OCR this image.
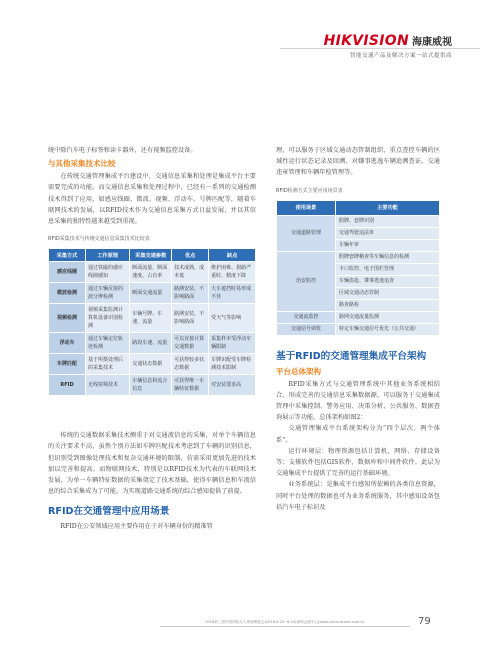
HIKVISION 海康威视
智能交通产品及解决方案一站式提供商

统中除汽车电子标签和读卡器外，还有视频监控设备。

与其他采集技术比较

在传统交通管理集成平台建设中，交通信息采集和处理是集成平台主要需要完成的功能。而交通信息采集和处理过程中，已经有一系列的交通检测技术得到了应用，如感应线圈、微波、视频、浮动车、号牌匹配等，随着车联网技术的发展，以RFID技术作为交通信息采集方式日益发展，并以其信息采集的独特性越来越受到重视。

RFID采集技术与传统交通信息采集技术比较表
采集方式	工作原理	采集交通参数	优点	缺点
感应线圈	通过铁磁的感应线圈感知	断面流量、断面速度、占有率	技术成熟、成本低	维护困难、损路严重时、精度下降
微波检测	通过车辆反射的波分辨检测	断面交通流量	路测安装，不影响路面	大车遮挡时易形成不佳
视频检测	视频采集监测计算机设备识别检测	车辆号牌、车速、流量	路测安装，不影响路面	受天气等影响
浮动车	通过车辆定位轨迹检测	路段车速、流量	可以直接计算交通数据	采集样本受浮动车辆限制
车牌匹配	基于所摄处理后的采集技术	交通状态数据	可获得较多状态数据	车牌识配受车牌检测技术限制
RFID	无线射频技术	车辆信息和流合信息	可获得唯一车辆特征数据	对安装要求高

传统的交通数据采集技术侧重于对交通流信息的采集，对单个车辆信息的关注要求不高，虽然个别方法如车牌匹配技术考虑到了车辆的识别信息，但识别受到图像处理技术和复杂交通环境的限制，仿需采用更加先进的技术加以完善和提高。而物联网技术，特别是以RFID技术为代表的车联网技术发展，为单一车辆特征数据的采集奠定了技术基础，使得车辆信息和车流信息的综合采集成为了可能，为实现道路交通系统的综合感知提供了前提。

RFID在交通管理中应用场景

RFID在公安领域应用主要作用在于对车辆身份的精准管

理，可以服务于区域交通动态管制组织、重点查控车辆的区域性运行状态记录及回溯、对嫌事逃逸车辆追溯查证、交通违章管理和车辆年检管理等。

RFID检测方式主要应用场景表
使用场景	主要功能
交通道路管理	假牌、套牌识别
	交通驾驶违法单
	车辆年审
治安防控	假牌套牌稽查等车辆信息的检测
	卡口监控、电子围栏管理
	车辆盗抢、肇事逃逸追查
	区域交通动态管制
	路查路检
交通流监控	路网交通流量监测
交通信号调优	特定车辆交通信号优先（公共交通）
基于RFID的交通管理集成平台架构
平台总体架构

RFID采集方式与交通管理系统中其他业务系统相结合，形成完善的交通信息采集数据源，可以服务于交通集成管理中采集控制、警务应用、决策分析、公共服务、数据查询展示等功能。总体架构如图2：

交通管理集成平台系统架构分为“四个层次、两个体系”。

运行环境层：物理资源包括计算机、网络、存储设备等；支撑软件包括GIS软件、数据库和中间件软件。此层为交通集成平台提供了完善的运行基础环境。

业务系统层：是集成平台感知所依赖的各类信息资源，同时平台处理的数据也可为业务系统服务，其中感知设备包括汽车电子标识及

2016第三届中国国际无人系统博览会(2016.6.22~6.24)深圳会展中心|www.china-drone.com.cn	79
